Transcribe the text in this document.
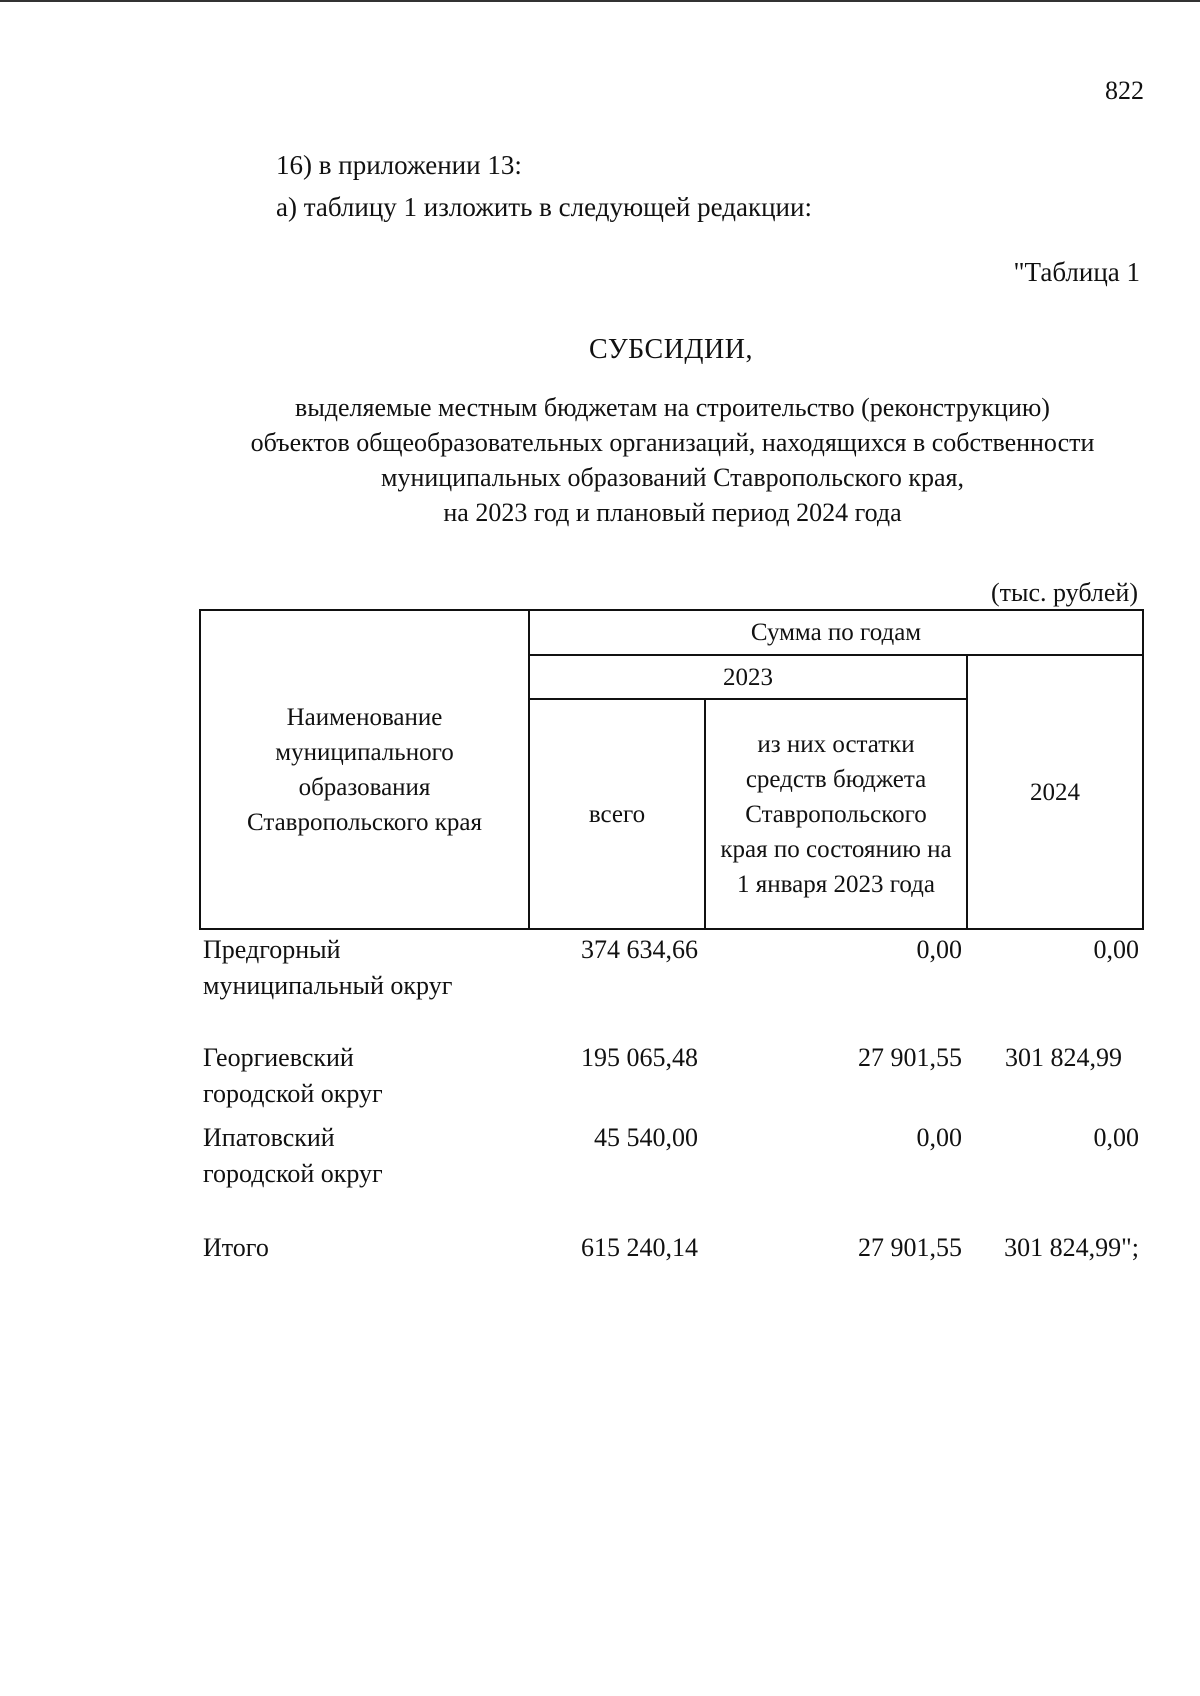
822
16) в приложении 13:
а) таблицу 1 изложить в следующей редакции:
"Таблица 1
СУБСИДИИ,
выделяемые местным бюджетам на строительство (реконструкцию)
объектов общеобразовательных организаций, находящихся в собственности
муниципальных образований Ставропольского края,
на 2023 год и плановый период 2024 года
(тыс. рублей)
Наименование муниципального образования Ставропольского края	Сумма по годам		
	2023		2024
	всего	из них остатки средств бюджета Ставропольского края по состоянию на 1 января 2023 года	
Предгорный
муниципальный округ
374 634,66	0,00	0,00
Георгиевский
городской округ
195 065,48	27 901,55	301 824,99
Ипатовский
городской округ
45 540,00	0,00	0,00
Итого	615 240,14	27 901,55	301 824,99";
